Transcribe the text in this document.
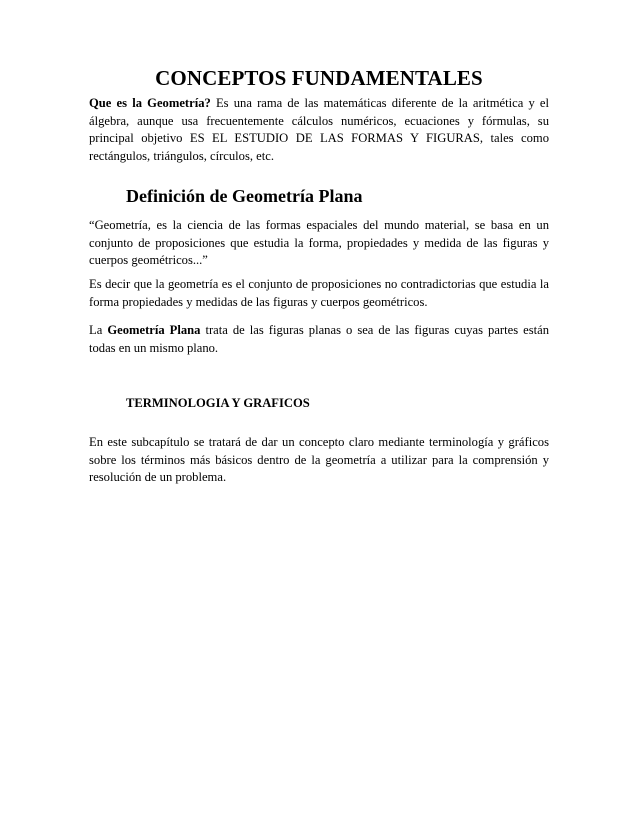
CONCEPTOS FUNDAMENTALES

Que es la Geometría? Es una rama de las matemáticas diferente de la aritmética y el álgebra, aunque usa frecuentemente cálculos numéricos, ecuaciones y fórmulas, su principal objetivo ES EL ESTUDIO DE LAS FORMAS Y FIGURAS, tales como rectángulos, triángulos, círculos, etc.

Definición de Geometría Plana

“Geometría, es la ciencia de las formas espaciales del mundo material, se basa en un conjunto de proposiciones que estudia la forma, propiedades y medida de las figuras y cuerpos geométricos...”

Es decir que la geometría es el conjunto de proposiciones no contradictorias que estudia la forma propiedades y medidas de las figuras y cuerpos geométricos.

La Geometría Plana trata de las figuras planas o sea de las figuras cuyas partes están todas en un mismo plano.

TERMINOLOGIA Y GRAFICOS

En este subcapítulo se tratará de dar un concepto claro mediante terminología y gráficos sobre los términos más básicos dentro de la geometría a utilizar para la comprensión y resolución de un problema.
